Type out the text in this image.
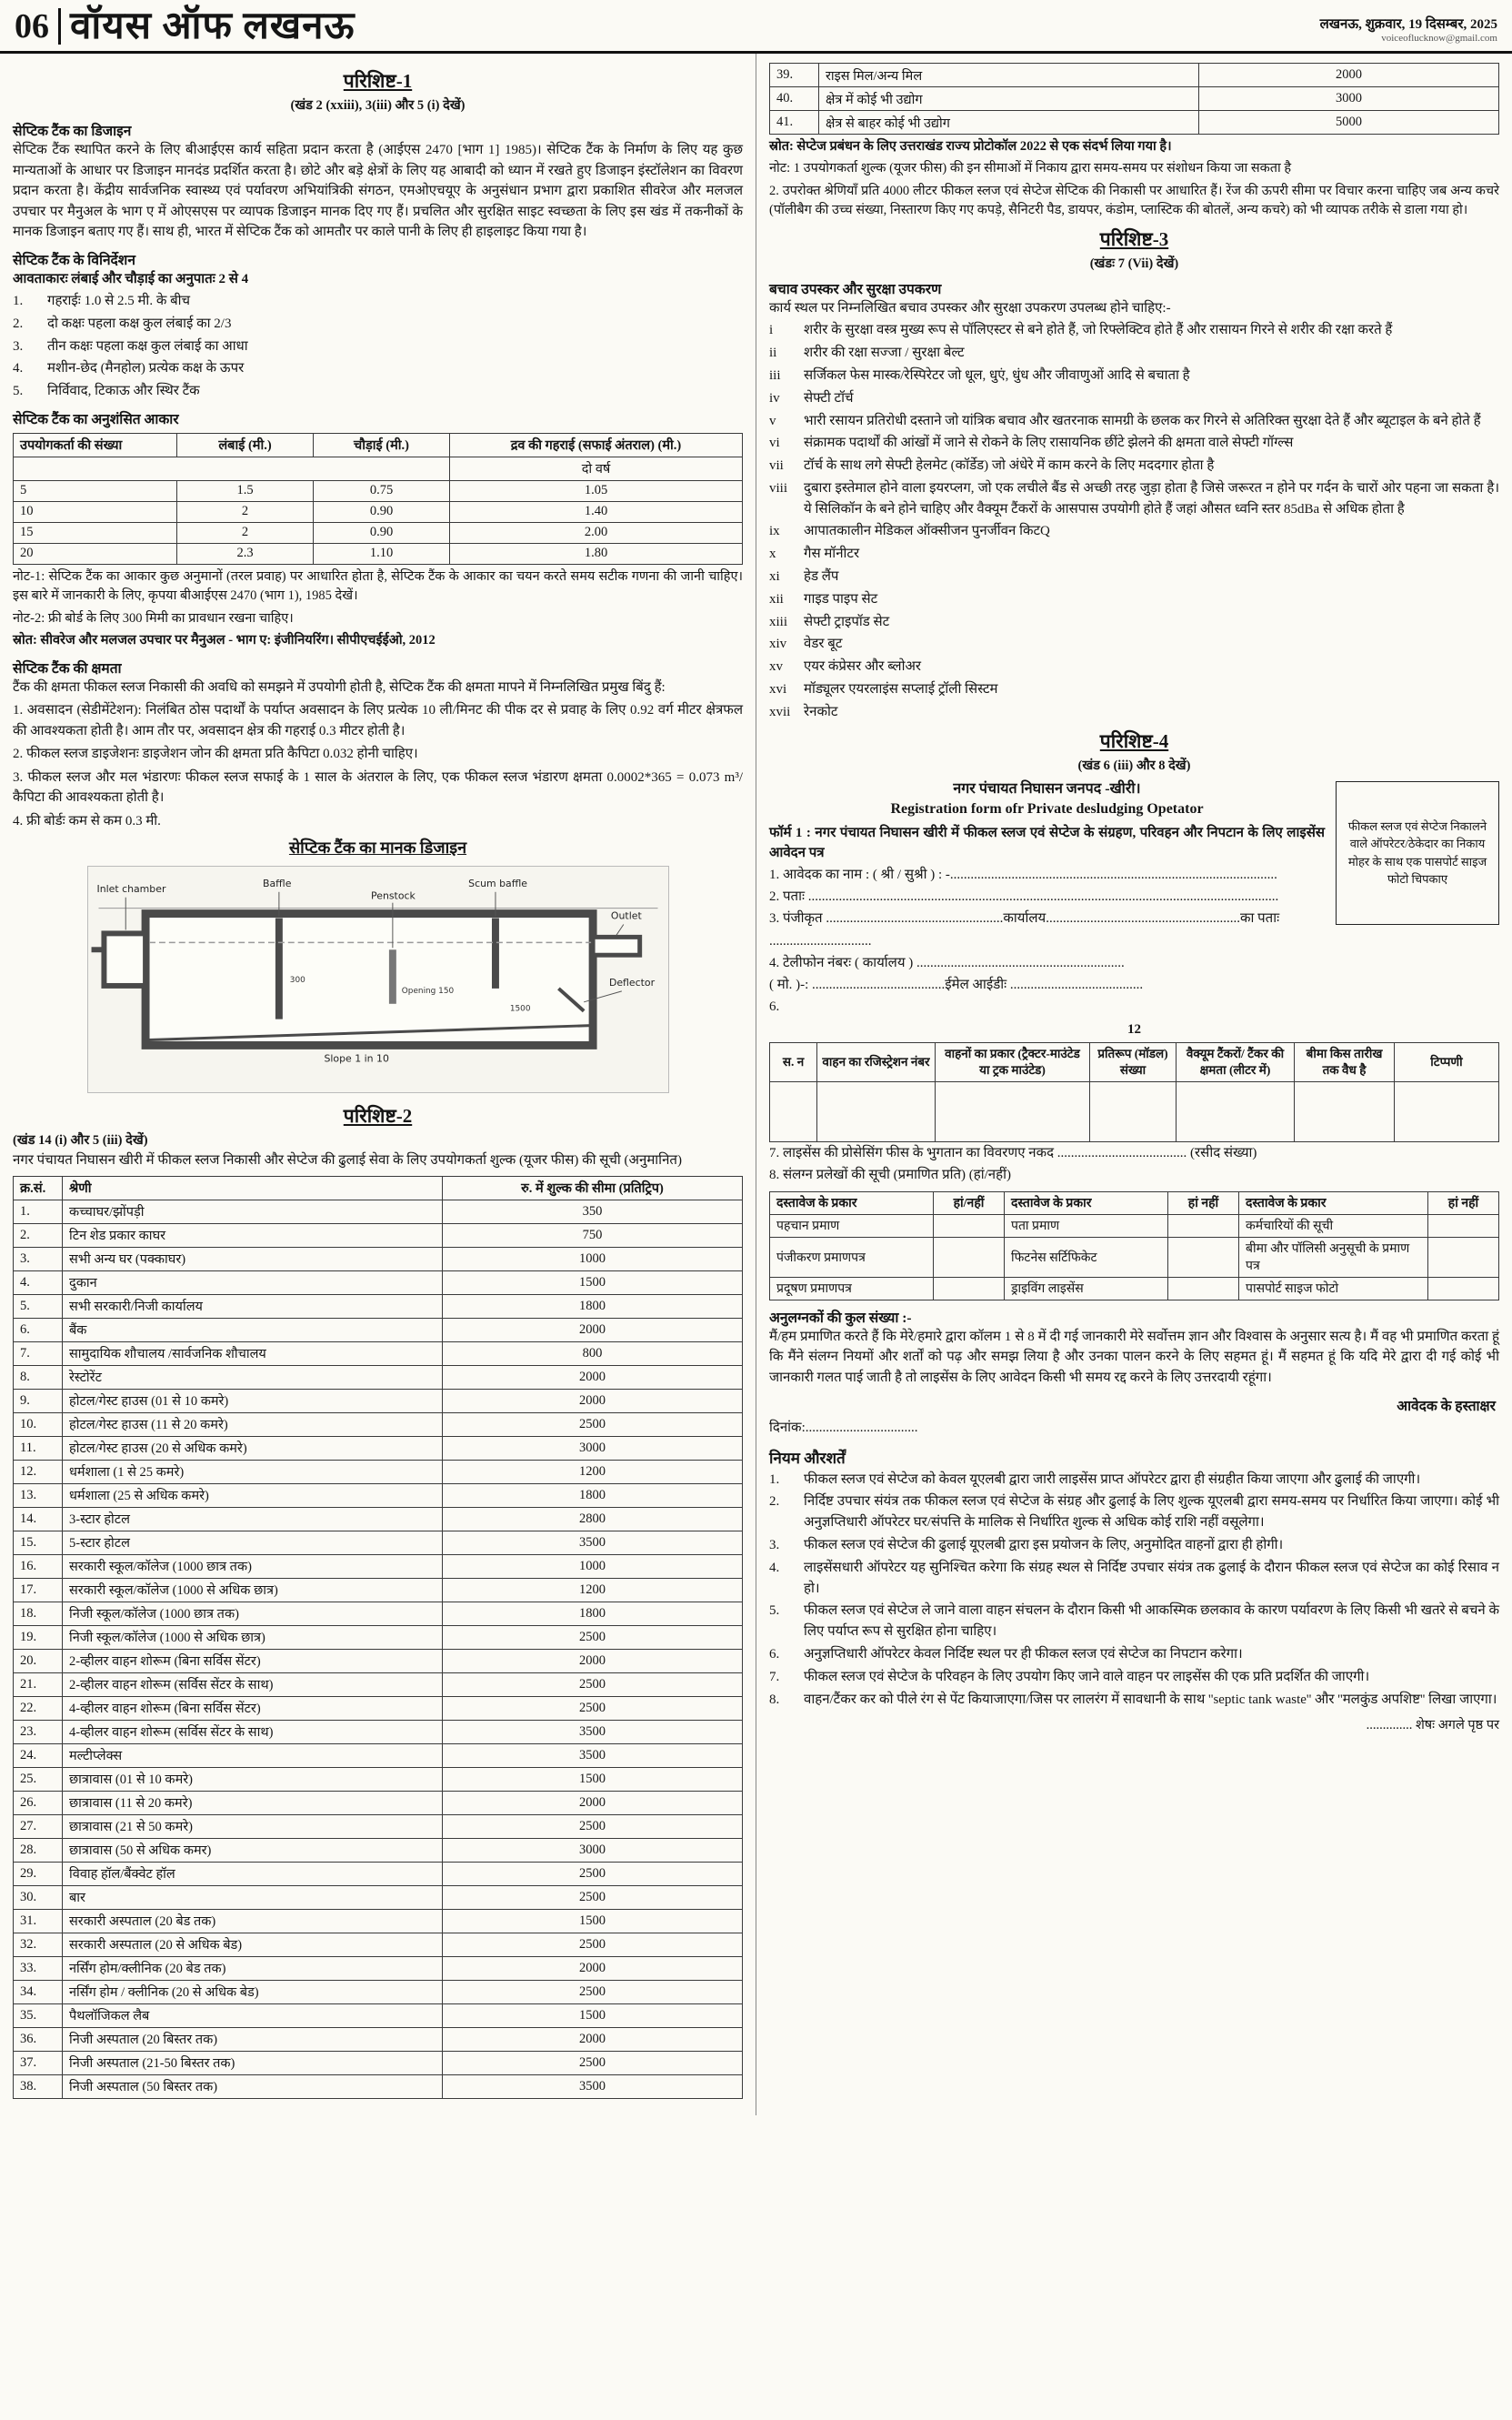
06 वॉयस ऑफ लखनऊ	लखनऊ, शुक्रवार, 19 दिसम्बर, 2025
voiceoflucknow@gmail.com
परिशिष्ट-1
(खंड 2 (xxiii), 3(iii) और 5 (i) देखें)
सेप्टिक टैंक का डिजाइन

सेप्टिक टैंक स्थापित करने के लिए बीआईएस कार्य सहिता प्रदान करता है (आईएस 2470 [भाग 1] 1985)। सेप्टिक टैंक के निर्माण के लिए यह कुछ मान्यताओं के आधार पर डिजाइन मानदंड प्रदर्शित करता है। छोटे और बड़े क्षेत्रों के लिए यह आबादी को ध्यान में रखते हुए डिजाइन इंस्टॉलेशन का विवरण प्रदान करता है। केंद्रीय सार्वजनिक स्वास्थ्य एवं पर्यावरण अभियांत्रिकी संगठन, एमओएचयूए के अनुसंधान प्रभाग द्वारा प्रकाशित सीवरेज और मलजल उपचार पर मैनुअल के भाग ए में ओएसएस पर व्यापक डिजाइन मानक दिए गए हैं। प्रचलित और सुरक्षित साइट स्वच्छता के लिए इस खंड में तकनीकों के मानक डिजाइन बताए गए हैं। साथ ही, भारत में सेप्टिक टैंक को आमतौर पर काले पानी के लिए ही हाइलाइट किया गया है।

सेप्टिक टैंक के विनिर्देशन
आवताकारः लंबाई और चौड़ाई का अनुपातः 2 से 4
1.	गहराईः 1.0 से 2.5 मी. के बीच
2.	दो कक्षः पहला कक्ष कुल लंबाई का 2/3
3.	तीन कक्षः पहला कक्ष कुल लंबाई का आधा
4.	मशीन-छेद (मैनहोल) प्रत्येक कक्ष के ऊपर
5.	निर्विवाद, टिकाऊ और स्थिर टैंक
सेप्टिक टैंक का अनुशंसित आकार
उपयोगकर्ता की संख्या	लंबाई (मी.)	चौड़ाई (मी.)	द्रव की गहराई (सफाई अंतराल) (मी.)
			दो वर्ष
5	1.5	0.75	1.05
10	2	0.90	1.40
15	2	0.90	2.00
20	2.3	1.10	1.80

नोट-1: सेप्टिक टैंक का आकार कुछ अनुमानों (तरल प्रवाह) पर आधारित होता है, सेप्टिक टैंक के आकार का चयन करते समय सटीक गणना की जानी चाहिए। इस बारे में जानकारी के लिए, कृपया बीआईएस 2470 (भाग 1), 1985 देखें।

नोट-2: फ्री बोर्ड के लिए 300 मिमी का प्रावधान रखना चाहिए।

स्रोत: सीवरेज और मलजल उपचार पर मैनुअल - भाग ए: इंजीनियरिंग। सीपीएचईईओ, 2012

सेप्टिक टैंक की क्षमता

टैंक की क्षमता फीकल स्लज निकासी की अवधि को समझने में उपयोगी होती है, सेप्टिक टैंक की क्षमता मापने में निम्नलिखित प्रमुख बिंदु हैं:

1. अवसादन (सेडीमेंटेशन): निलंबित ठोस पदार्थों के पर्याप्त अवसादन के लिए प्रत्येक 10 ली/मिनट की पीक दर से प्रवाह के लिए 0.92 वर्ग मीटर क्षेत्रफल की आवश्यकता होती है। आम तौर पर, अवसादन क्षेत्र की गहराई 0.3 मीटर होती है।

2. फीकल स्लज डाइजेशनः डाइजेशन जोन की क्षमता प्रति कैपिटा 0.032 होनी चाहिए।

3. फीकल स्लज और मल भंडारणः फीकल स्लज सफाई के 1 साल के अंतराल के लिए, एक फीकल स्लज भंडारण क्षमता 0.0002*365 = 0.073 m³/कैपिटा की आवश्यकता होती है।

4. फ्री बोर्डः कम से कम 0.3 मी.

सेप्टिक टैंक का मानक डिजाइन
Inlet chamber	Baffle	Scum baffle
Penstock
Outlet
Deflector
Slope 1 in 10
300
Opening 150
1500
परिशिष्ट-2
(खंड 14 (i) और 5 (iii) देखें)

नगर पंचायत निघासन खीरी में फीकल स्लज निकासी और सेप्टेज की ढुलाई सेवा के लिए उपयोगकर्ता शुल्क (यूजर फीस) की सूची (अनुमानित)

क्र.सं.	श्रेणी	रु. में शुल्क की सीमा (प्रतिट्रिप)
1.	कच्चाघर/झोंपड़ी	350
2.	टिन शेड प्रकार काघर	750
3.	सभी अन्य घर (पक्काघर)	1000
4.	दुकान	1500
5.	सभी सरकारी/निजी कार्यालय	1800
6.	बैंक	2000
7.	सामुदायिक शौचालय /सार्वजनिक शौचालय	800
8.	रेस्टोरेंट	2000
9.	होटल/गेस्ट हाउस (01 से 10 कमरे)	2000
10.	होटल/गेस्ट हाउस (11 से 20 कमरे)	2500
11.	होटल/गेस्ट हाउस (20 से अधिक कमरे)	3000
12.	धर्मशाला (1 से 25 कमरे)	1200
13.	धर्मशाला (25 से अधिक कमरे)	1800
14.	3-स्टार होटल	2800
15.	5-स्टार होटल	3500
16.	सरकारी स्कूल/कॉलेज (1000 छात्र तक)	1000
17.	सरकारी स्कूल/कॉलेज (1000 से अधिक छात्र)	1200
18.	निजी स्कूल/कॉलेज (1000 छात्र तक)	1800
19.	निजी स्कूल/कॉलेज (1000 से अधिक छात्र)	2500
20.	2-व्हीलर वाहन शोरूम (बिना सर्विस सेंटर)	2000
21.	2-व्हीलर वाहन शोरूम (सर्विस सेंटर के साथ)	2500
22.	4-व्हीलर वाहन शोरूम (बिना सर्विस सेंटर)	2500
23.	4-व्हीलर वाहन शोरूम (सर्विस सेंटर के साथ)	3500
24.	मल्टीप्लेक्स	3500
25.	छात्रावास (01 से 10 कमरे)	1500
26.	छात्रावास (11 से 20 कमरे)	2000
27.	छात्रावास (21 से 50 कमरे)	2500
28.	छात्रावास (50 से अधिक कमर)	3000
29.	विवाह हॉल/बैंक्वेट हॉल	2500
30.	बार	2500
31.	सरकारी अस्पताल (20 बेड तक)	1500
32.	सरकारी अस्पताल (20 से अधिक बेड)	2500
33.	नर्सिंग होम/क्लीनिक (20 बेड तक)	2000
34.	नर्सिंग होम / क्लीनिक (20 से अधिक बेड)	2500
35.	पैथलॉजिकल लैब	1500
36.	निजी अस्पताल (20 बिस्तर तक)	2000
37.	निजी अस्पताल (21-50 बिस्तर तक)	2500
38.	निजी अस्पताल (50 बिस्तर तक)	3500
39.	राइस मिल/अन्य मिल	2000
40.	क्षेत्र में कोई भी उद्योग	3000
41.	क्षेत्र से बाहर कोई भी उद्योग	5000

स्रोत: सेप्टेज प्रबंधन के लिए उत्तराखंड राज्य प्रोटोकॉल 2022 से एक संदर्भ लिया गया है।

नोट: 1 उपयोगकर्ता शुल्क (यूजर फीस) की इन सीमाओं में निकाय द्वारा समय-समय पर संशोधन किया जा सकता है

2. उपरोक्त श्रेणियाँ प्रति 4000 लीटर फीकल स्लज एवं सेप्टेज सेप्टिक की निकासी पर आधारित हैं। रेंज की ऊपरी सीमा पर विचार करना चाहिए जब अन्य कचरे (पॉलीबैग की उच्च संख्या, निस्तारण किए गए कपड़े, सैनिटरी पैड, डायपर, कंडोम, प्लास्टिक की बोतलें, अन्य कचरे) को भी व्यापक तरीके से डाला गया हो।

परिशिष्ट-3
(खंडः 7 (Vii) देखें)
बचाव उपस्कर और सुरक्षा उपकरण

कार्य स्थल पर निम्नलिखित बचाव उपस्कर और सुरक्षा उपकरण उपलब्ध होने चाहिए:-

i	शरीर के सुरक्षा वस्त्र मुख्य रूप से पॉलिएस्टर से बने होते हैं, जो रिफ्लेक्टिव होते हैं और रासायन गिरने से शरीर की रक्षा करते हैं
ii	शरीर की रक्षा सज्जा / सुरक्षा बेल्ट
iii	सर्जिकल फेस मास्क/रेस्पिरेटर जो धूल, धुएं, धुंध और जीवाणुओं आदि से बचाता है
iv	सेफ्टी टॉर्च
v	भारी रसायन प्रतिरोधी दस्ताने जो यांत्रिक बचाव और खतरनाक सामग्री के छलक कर गिरने से अतिरिक्त सुरक्षा देते हैं और ब्यूटाइल के बने होते हैं
vi	संक्रामक पदार्थों की आंखों में जाने से रोकने के लिए रासायनिक छींटे झेलने की क्षमता वाले सेफ्टी गॉग्ल्स
vii	टॉर्च के साथ लगे सेफ्टी हेलमेट (कॉर्डेड) जो अंधेरे में काम करने के लिए मददगार होता है
viii	दुबारा इस्तेमाल होने वाला इयरप्लग, जो एक लचीले बैंड से अच्छी तरह जुड़ा होता है जिसे जरूरत न होने पर गर्दन के चारों ओर पहना जा सकता है। ये सिलिकॉन के बने होने चाहिए और वैक्यूम टैंकरों के आसपास उपयोगी होते हैं जहां औसत ध्वनि स्तर 85dBa से अधिक होता है
ix	आपातकालीन मेडिकल ऑक्सीजन पुनर्जीवन किटQ
x	गैस मॉनीटर
xi	हेड लैंप
xii	गाइड पाइप सेट
xiii	सेफ्टी ट्राइपॉड सेट
xiv	वेडर बूट
xv	एयर कंप्रेसर और ब्लोअर
xvi	मॉड्यूलर एयरलाइंस सप्लाई ट्रॉली सिस्टम
xvii रेनकोट
परिशिष्ट-4
(खंड 6 (iii) और 8 देखें)
फीकल स्लज एवं सेप्टेज निकालने वाले ऑपरेटर/ठेकेदार का निकाय मोहर के साथ एक पासपोर्ट साइज फोटो चिपकाए
नगर पंचायत निघासन जनपद -खीरी।
Registration form ofr Private desludging Opetator

फॉर्म 1 : नगर पंचायत निघासन खीरी में फीकल स्लज एवं सेप्टेज के संग्रहण, परिवहन और निपटान के लिए लाइसेंस आवेदन पत्र

1. आवेदक का नाम : ( श्री / सुश्री ) : -................................................................................................
2. पताः ..........................................................................................................................................
3. पंजीकृत ....................................................कार्यालय.........................................................का पताः ..............................
4. टेलीफोन नंबरः ( कार्यालय ) .............................................................
( मो. )-: .......................................ईमेल आईडीः .......................................
6.
12
स. न	वाहन का रजिस्ट्रेशन नंबर	वाहनों का प्रकार (ट्रैक्टर-माउंटेड या ट्रक माउंटेड)	प्रतिरूप (मॉडल) संख्या	वैक्यूम टैंकरों/ टैंकर की क्षमता (लीटर में)	बीमा किस तारीख तक वैध है	टिप्पणी

7. लाइसेंस की प्रोसेसिंग फीस के भुगतान का विवरणए नकद ...................................... (रसीद संख्या)
8. संलग्न प्रलेखों की सूची (प्रमाणित प्रति) (हां/नहीं)
दस्तावेज के प्रकार	हां/नहीं	दस्तावेज के प्रकार	हां नहीं	दस्तावेज के प्रकार	हां नहीं
पहचान प्रमाण		पता प्रमाण		कर्मचारियों की सूची	
पंजीकरण प्रमाणपत्र		फिटनेस सर्टिफिकेट		बीमा और पॉलिसी अनुसूची के प्रमाण पत्र	
प्रदूषण प्रमाणपत्र		ड्राइविंग लाइसेंस		पासपोर्ट साइज फोटो	
अनुलग्नकों की कुल संख्या :-

मैं/हम प्रमाणित करते हैं कि मेरे/हमारे द्वारा कॉलम 1 से 8 में दी गई जानकारी मेरे सर्वोत्तम ज्ञान और विश्वास के अनुसार सत्य है। मैं वह भी प्रमाणित करता हूं कि मैंने संलग्न नियमों और शर्तों को पढ़ और समझ लिया है और उनका पालन करने के लिए सहमत हूं। मैं सहमत हूं कि यदि मेरे द्वारा दी गई कोई भी जानकारी गलत पाई जाती है तो लाइसेंस के लिए आवेदन किसी भी समय रद्द करने के लिए उत्तरदायी रहूंगा।

आवेदक के हस्ताक्षर
दिनांक:.................................
नियम औरशर्तें
1.	फीकल स्लज एवं सेप्टेज को केवल यूएलबी द्वारा जारी लाइसेंस प्राप्त ऑपरेटर द्वारा ही संग्रहीत किया जाएगा और ढुलाई की जाएगी।
2.	निर्दिष्ट उपचार संयंत्र तक फीकल स्लज एवं सेप्टेज के संग्रह और ढुलाई के लिए शुल्क यूएलबी द्वारा समय-समय पर निर्धारित किया जाएगा। कोई भी अनुज्ञप्तिधारी ऑपरेटर घर/संपत्ति के मालिक से निर्धारित शुल्क से अधिक कोई राशि नहीं वसूलेगा।
3.	फीकल स्लज एवं सेप्टेज की ढुलाई यूएलबी द्वारा इस प्रयोजन के लिए, अनुमोदित वाहनों द्वारा ही होगी।
4.	लाइसेंसधारी ऑपरेटर यह सुनिश्चित करेगा कि संग्रह स्थल से निर्दिष्ट उपचार संयंत्र तक ढुलाई के दौरान फीकल स्लज एवं सेप्टेज का कोई रिसाव न हो।
5.	फीकल स्लज एवं सेप्टेज ले जाने वाला वाहन संचलन के दौरान किसी भी आकस्मिक छलकाव के कारण पर्यावरण के लिए किसी भी खतरे से बचने के लिए पर्याप्त रूप से सुरक्षित होना चाहिए।
6.	अनुज्ञप्तिधारी ऑपरेटर केवल निर्दिष्ट स्थल पर ही फीकल स्लज एवं सेप्टेज का निपटान करेगा।
7.	फीकल स्लज एवं सेप्टेज के परिवहन के लिए उपयोग किए जाने वाले वाहन पर लाइसेंस की एक प्रति प्रदर्शित की जाएगी।
8.	वाहन/टैंकर कर को पीले रंग से पेंट कियाजाएगा/जिस पर लालरंग में सावधानी के साथ ''septic tank waste'' और ''मलकुंड अपशिष्ट'' लिखा जाएगा।
.............. शेषः अगले पृष्ठ पर
